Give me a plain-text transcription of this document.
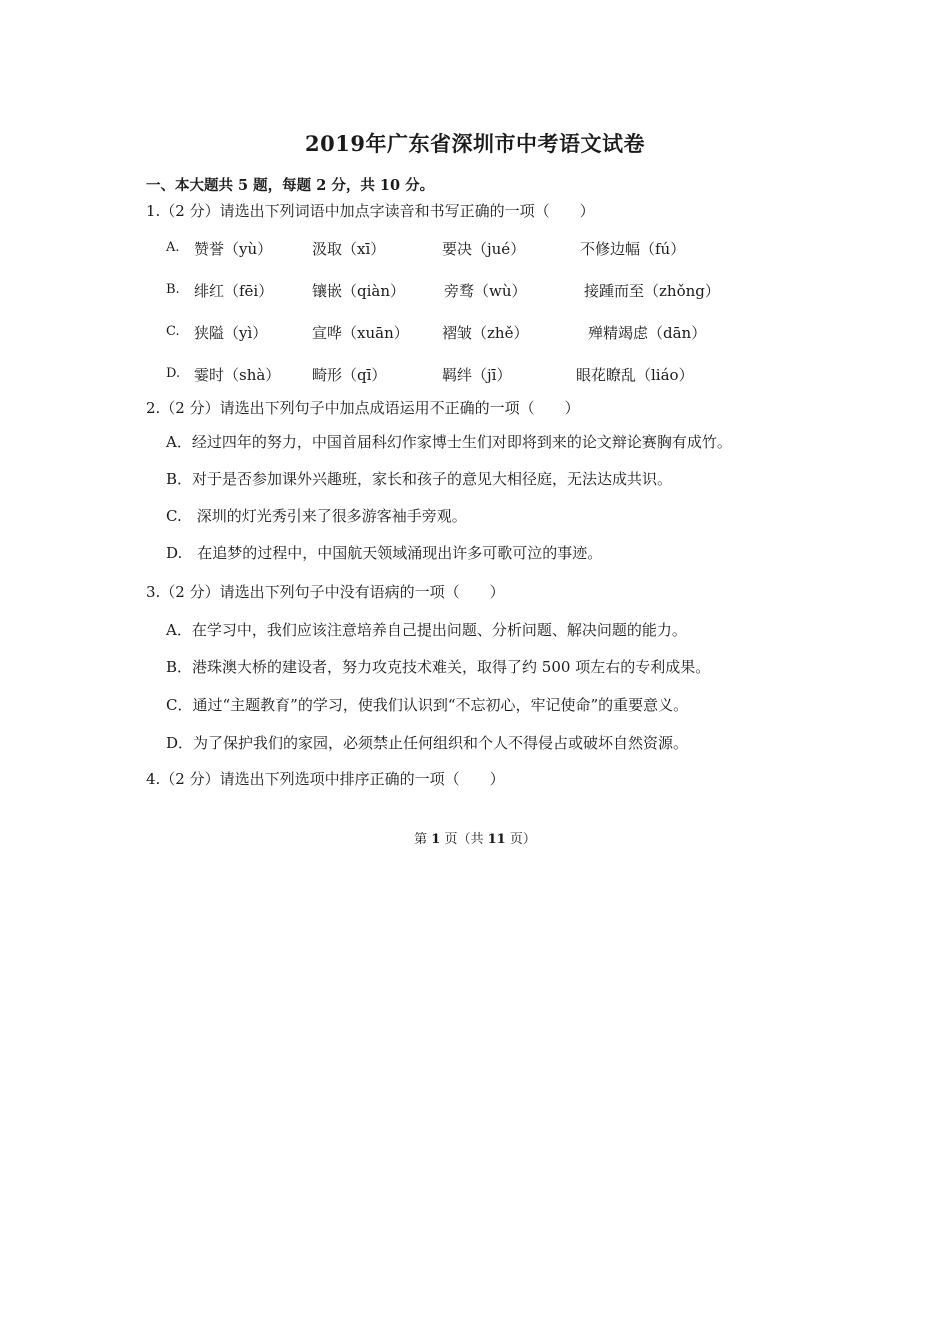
2019年广东省深圳市中考语文试卷
一、本大题共 5 题，每题 2 分，共 10 分。
1.（2 分）请选出下列词语中加点字读音和书写正确的一项（　　）
A. 赞誉（yù）	汲取（xī）	要决（jué）	不修边幅（fú）
B. 绯红（fēi）	镶嵌（qiàn）	旁骛（wù）	接踵而至（zhǒng）
C. 狭隘（yì）	宣哗（xuān） 褶皱（zhě）	殚精竭虑（dān）
D. 霎时（shà） 畸形（qī）	羁绊（jī）	眼花瞭乱（liáo）
2.（2 分）请选出下列句子中加点成语运用不正确的一项（　　）
A．经过四年的努力，中国首届科幻作家博士生们对即将到来的论文辩论赛胸有成竹。
B．对于是否参加课外兴趣班，家长和孩子的意见大相径庭，无法达成共识。
C.　深圳的灯光秀引来了很多游客袖手旁观。
D.　在追梦的过程中，中国航天领域涌现出许多可歌可泣的事迹。
3.（2 分）请选出下列句子中没有语病的一项（　　）
A．在学习中，我们应该注意培养自己提出问题、分析问题、解决问题的能力。
B．港珠澳大桥的建设者，努力攻克技术难关，取得了约 500 项左右的专利成果。
C．通过“主题教育”的学习，使我们认识到“不忘初心，牢记使命”的重要意义。
D．为了保护我们的家园，必须禁止任何组织和个人不得侵占或破坏自然资源。
4.（2 分）请选出下列选项中排序正确的一项（　　）
第 1 页（共 11 页）
